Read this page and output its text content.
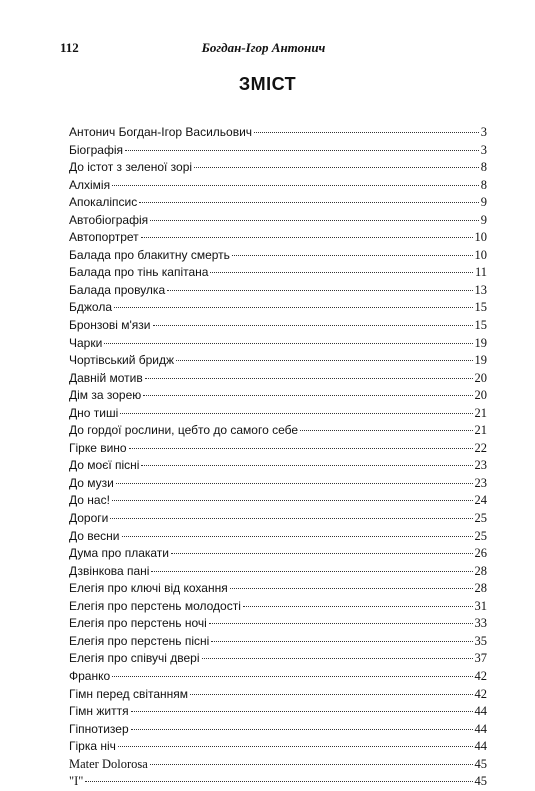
112	Богдан-Ігор Антонич
ЗМІСТ
Антонич Богдан-Ігор Васильович	3
Біографія	3
До істот з зеленої зорі	8
Алхімія	8
Апокаліпсис	9
Автобіографія	9
Автопортрет	10
Балада про блакитну смерть	10
Балада про тінь капітана	11
Балада провулка	13
Бджола	15
Бронзові м'язи	15
Чарки	19
Чортівський бридж	19
Давній мотив	20
Дім за зорею	20
Дно тиші	21
До гордої рослини, цебто до самого себе	21
Гірке вино	22
До моєї пісні	23
До музи	23
До нас!	24
Дороги	25
До весни	25
Дума про плакати	26
Дзвінкова пані	28
Елегія про ключі від кохання	28
Елегія про перстень молодості	31
Елегія про перстень ночі	33
Елегія про перстень пісні	35
Елегія про співучі двері	37
Франко	42
Гімн перед світанням	42
Гімн життя	44
Гіпнотизер	44
Гірка ніч	44
Mater Dolorosa	45
"І"	45
